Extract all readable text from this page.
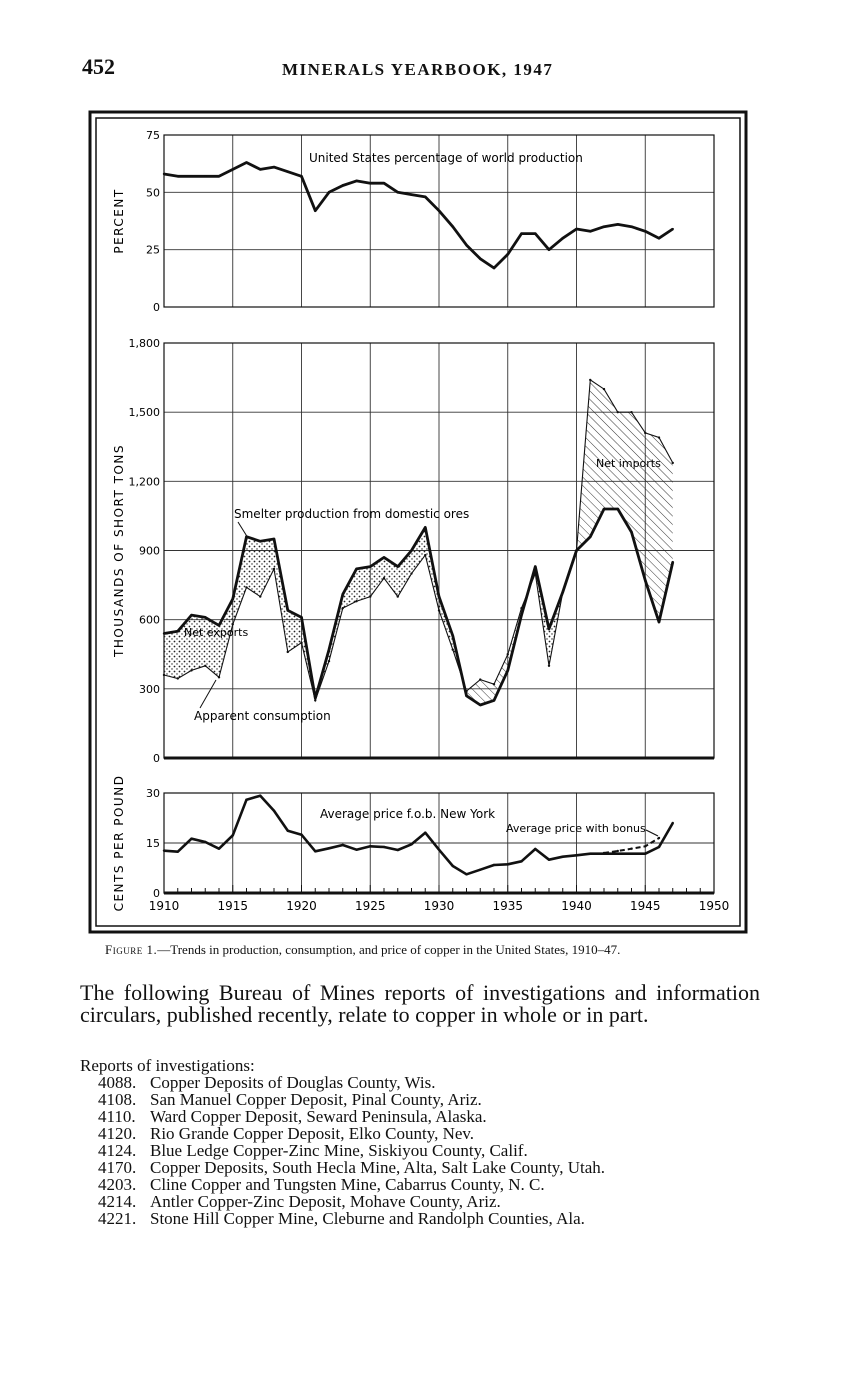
452	MINERALS YEARBOOK, 1947
0
25
50
75
PERCENT
0
300
600
900
1,200
1,500
1,800
THOUSANDS OF SHORT TONS
0
15
30
CENTS PER POUND 1910	1915	1920	1925	1930	1935	1940	1945	1950
United States percentage of world production
Smelter production from domestic ores
Apparent consumption
Net exports
Net imports
Average price f.o.b. New York
Average price with bonus
Figure 1.—Trends in production, consumption, and price of copper in the United States, 1910–47.
The following Bureau of Mines reports of investigations and information circulars, published recently, relate to copper in whole or in part.
Reports of investigations:
4088. Copper Deposits of Douglas County, Wis.
4108. San Manuel Copper Deposit, Pinal County, Ariz.
4110. Ward Copper Deposit, Seward Peninsula, Alaska.
4120. Rio Grande Copper Deposit, Elko County, Nev.
4124. Blue Ledge Copper-Zinc Mine, Siskiyou County, Calif.
4170. Copper Deposits, South Hecla Mine, Alta, Salt Lake County, Utah.
4203. Cline Copper and Tungsten Mine, Cabarrus County, N. C.
4214. Antler Copper-Zinc Deposit, Mohave County, Ariz.
4221. Stone Hill Copper Mine, Cleburne and Randolph Counties, Ala.
